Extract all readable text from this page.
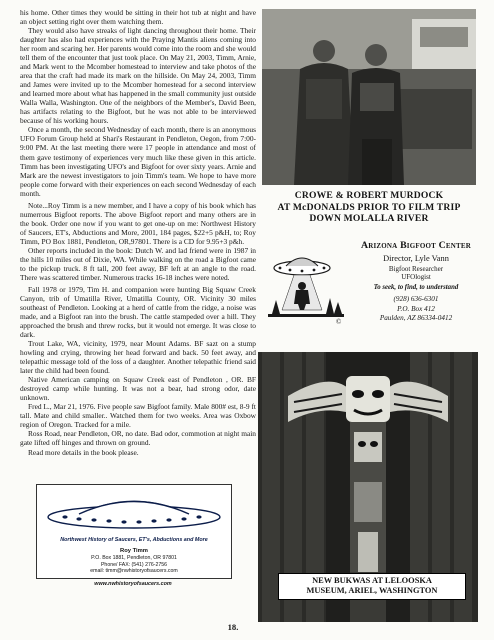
his home. Other times they would be sitting in their hot tub at night and have an object setting right over them watching them.

They would also have streaks of light dancing throughout their home. Their daughter has also had experiences with the Praying Mantis aliens coming into her room and scaring her. Her parents would come into the room and she would tell them of the encounter that just took place. On May 21, 2003, Timm, Arnie, and Mark went to the Mcomber homestead to interview and take photos of the area that the craft had made its mark on the hillside. On May 24, 2003, Timm and James were invited up to the Mcomber homestead for a second interview and learned more about what has happened in the small community just outside Walla Walla, Washington. One of the neighbors of the Member's, David Been, has artifacts relating to the Bigfoot, but he was not able to be interviewed because of his working hours.

Once a month, the second Wednesday of each month, there is an anonymous UFO Forum Group held at Shari's Restaurant in Pendleton, Oegon, from 7:00-9:00 PM. At the last meeting there were 17 people in attendance and most of them gave testimony of experiences very much like these given in this article. Timm has been investigating UFO's and Bigfoot for over sixty years. Arnie and Mark are the newest investigators to join Timm's team. We hope to have more people come forward with their experiences on each second Wednesday of each month.

Note...Roy Timm is a new member, and I have a copy of his book which has numerrous Bigfoot reports. The above Bigfoot report and many others are in the book. Order one now if you want to get one-up on me: Northwest History of Saucers, ET's, Abductions and More, 2001, 184 pages, $22+5 p&H, to; Roy Timm, PO Box 1881, Pendleton, OR,97801. There is a CD for 9.95+3 p&h.

Other reports included in the book: Dutch W. and lad friend were in 1987 in the hills 10 miles out of Dixie, WA. While walking on the road a Bigfoot came to the pickup truck. 8 ft tall, 200 feet away, BF left at an angle to the road. There was scattered timber. Numerous tracks 16-18 inches were noted.

Fall 1978 or 1979, Tim H. and companion were hunting Big Squaw Creek Canyon, trib of Umatilla River, Umatilla County, OR. Vicinity 30 miles southeast of Pendleton. Looking at a herd of cattle from the ridge, a noise was made, and a Bigfoot ran into the brush. The cattle stampeded over a hill. They approached the brush and threw rocks, but it would not emerge. It was close to dark.

Trout Lake, WA, vicinity, 1979, near Mount Adams. BF sazt on a stump howling and crying, throwing her head forward and back. 50 feet away, and telepathic message told of the loss of a daughter. Another telepathic friend said later the child had been found.

Native American camping on Squaw Creek east of Pendleton , OR. BF destroyed camp while hunting. It was not a bear, had strong odor, date unknown.

Fred L., Mar 21, 1976. Five people saw Bigfoot family. Male 800# est, 8-9 ft tall. Mate and child smaller.. Watched them for two weeks. Area was Oxbow region of Oregon. Tracked for a mile.

Ross Road, near Pendleton, OR, no date. Bad odor, commotion at night main gate lifted off hinges and thrown on ground.

Read more details in the book please.

Northwest History of Saucers, ET's, Abductions and More
Roy Timm
P.O. Box 1881, Pendleton, OR 97801
Phone/ FAX: (541) 276-2756
email: timm@nwhistoryofsaucers.com
www.nwhistoryofsaucers.com
CROWE & ROBERT MURDOCK
AT McDONALDS PRIOR TO FILM TRIP
DOWN MOLALLA RIVER
©
Arizona Bigfoot Center
Director, Lyle Vann
Bigfoot Researcher
UFOlogist
To seek, to find, to understand
(928) 636-6301
P.O. Box 412
Paulden, AZ 86334-0412
NEW BUKWAS AT LELOOSKA
MUSEUM, ARIEL, WASHINGTON
18.
